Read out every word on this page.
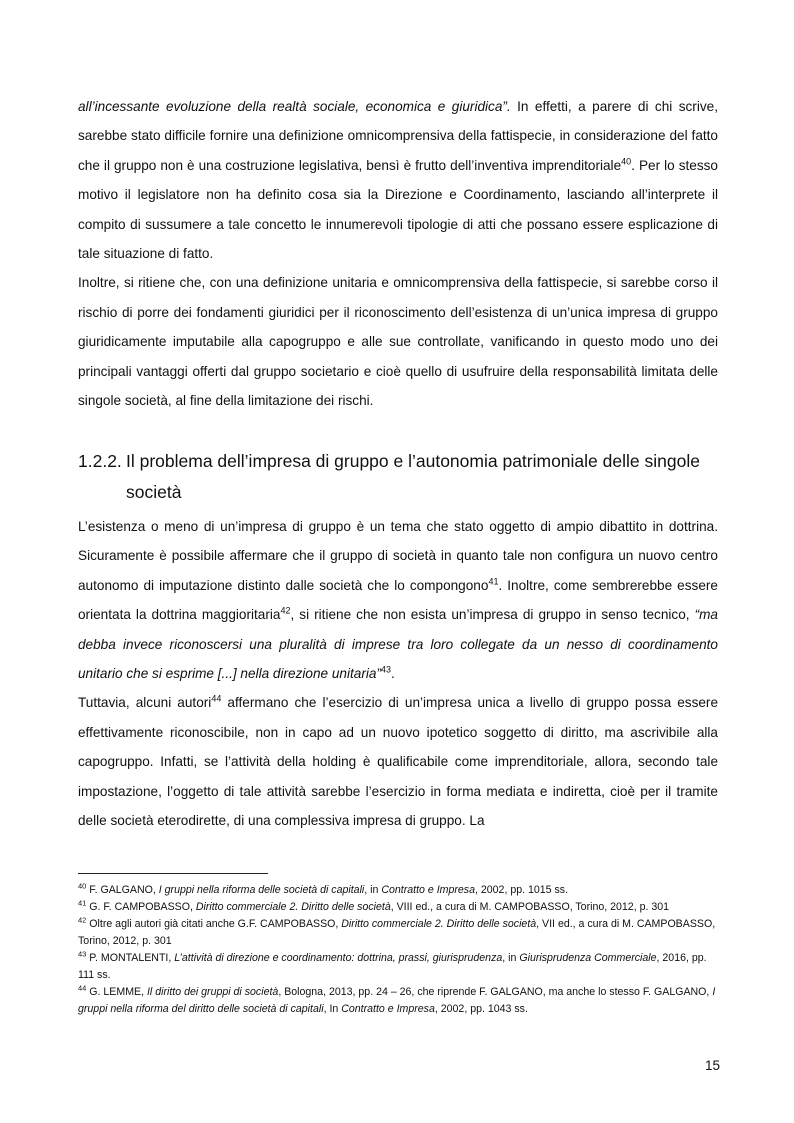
all’incessante evoluzione della realtà sociale, economica e giuridica”. In effetti, a parere di chi scrive, sarebbe stato difficile fornire una definizione omnicomprensiva della fattispecie, in considerazione del fatto che il gruppo non è una costruzione legislativa, bensì è frutto dell’inventiva imprenditoriale$^{40}$. Per lo stesso motivo il legislatore non ha definito cosa sia la Direzione e Coordinamento, lasciando all’interprete il compito di sussumere a tale concetto le innumerevoli tipologie di atti che possano essere esplicazione di tale situazione di fatto.

Inoltre, si ritiene che, con una definizione unitaria e omnicomprensiva della fattispecie, si sarebbe corso il rischio di porre dei fondamenti giuridici per il riconoscimento dell’esistenza di un’unica impresa di gruppo giuridicamente imputabile alla capogruppo e alle sue controllate, vanificando in questo modo uno dei principali vantaggi offerti dal gruppo societario e cioè quello di usufruire della responsabilità limitata delle singole società, al fine della limitazione dei rischi.

1.2.2. Il problema dell’impresa di gruppo e l’autonomia patrimoniale delle singole
società

L’esistenza o meno di un’impresa di gruppo è un tema che stato oggetto di ampio dibattito in dottrina. Sicuramente è possibile affermare che il gruppo di società in quanto tale non configura un nuovo centro autonomo di imputazione distinto dalle società che lo compongono$^{41}$. Inoltre, come sembrerebbe essere orientata la dottrina maggioritaria$^{42}$, si ritiene che non esista un’impresa di gruppo in senso tecnico, “ma debba invece riconoscersi una pluralità di imprese tra loro collegate da un nesso di coordinamento unitario che si esprime [...] nella direzione unitaria”$^{43}$.

Tuttavia, alcuni autori$^{44}$ affermano che l’esercizio di un’impresa unica a livello di gruppo possa essere effettivamente riconoscibile, non in capo ad un nuovo ipotetico soggetto di diritto, ma ascrivibile alla capogruppo. Infatti, se l’attività della holding è qualificabile come imprenditoriale, allora, secondo tale impostazione, l’oggetto di tale attività sarebbe l’esercizio in forma mediata e indiretta, cioè per il tramite delle società eterodirette, di una complessiva impresa di gruppo. La

$^{40}$ F. GALGANO, I gruppi nella riforma delle società di capitali, in Contratto e Impresa, 2002, pp. 1015 ss.

$^{41}$ G. F. CAMPOBASSO, Diritto commerciale 2. Diritto delle società, VIII ed., a cura di M. CAMPOBASSO, Torino, 2012, p. 301

$^{42}$ Oltre agli autori già citati anche G.F. CAMPOBASSO, Diritto commerciale 2. Diritto delle società, VII ed., a cura di M. CAMPOBASSO, Torino, 2012, p. 301

$^{43}$ P. MONTALENTI, L’attività di direzione e coordinamento: dottrina, prassi, giurisprudenza, in Giurisprudenza Commerciale, 2016, pp. 111 ss.

$^{44}$ G. LEMME, Il diritto dei gruppi di società, Bologna, 2013, pp. 24 – 26, che riprende F. GALGANO, ma anche lo stesso F. GALGANO, I gruppi nella riforma del diritto delle società di capitali, In Contratto e Impresa, 2002, pp. 1043 ss.

15
